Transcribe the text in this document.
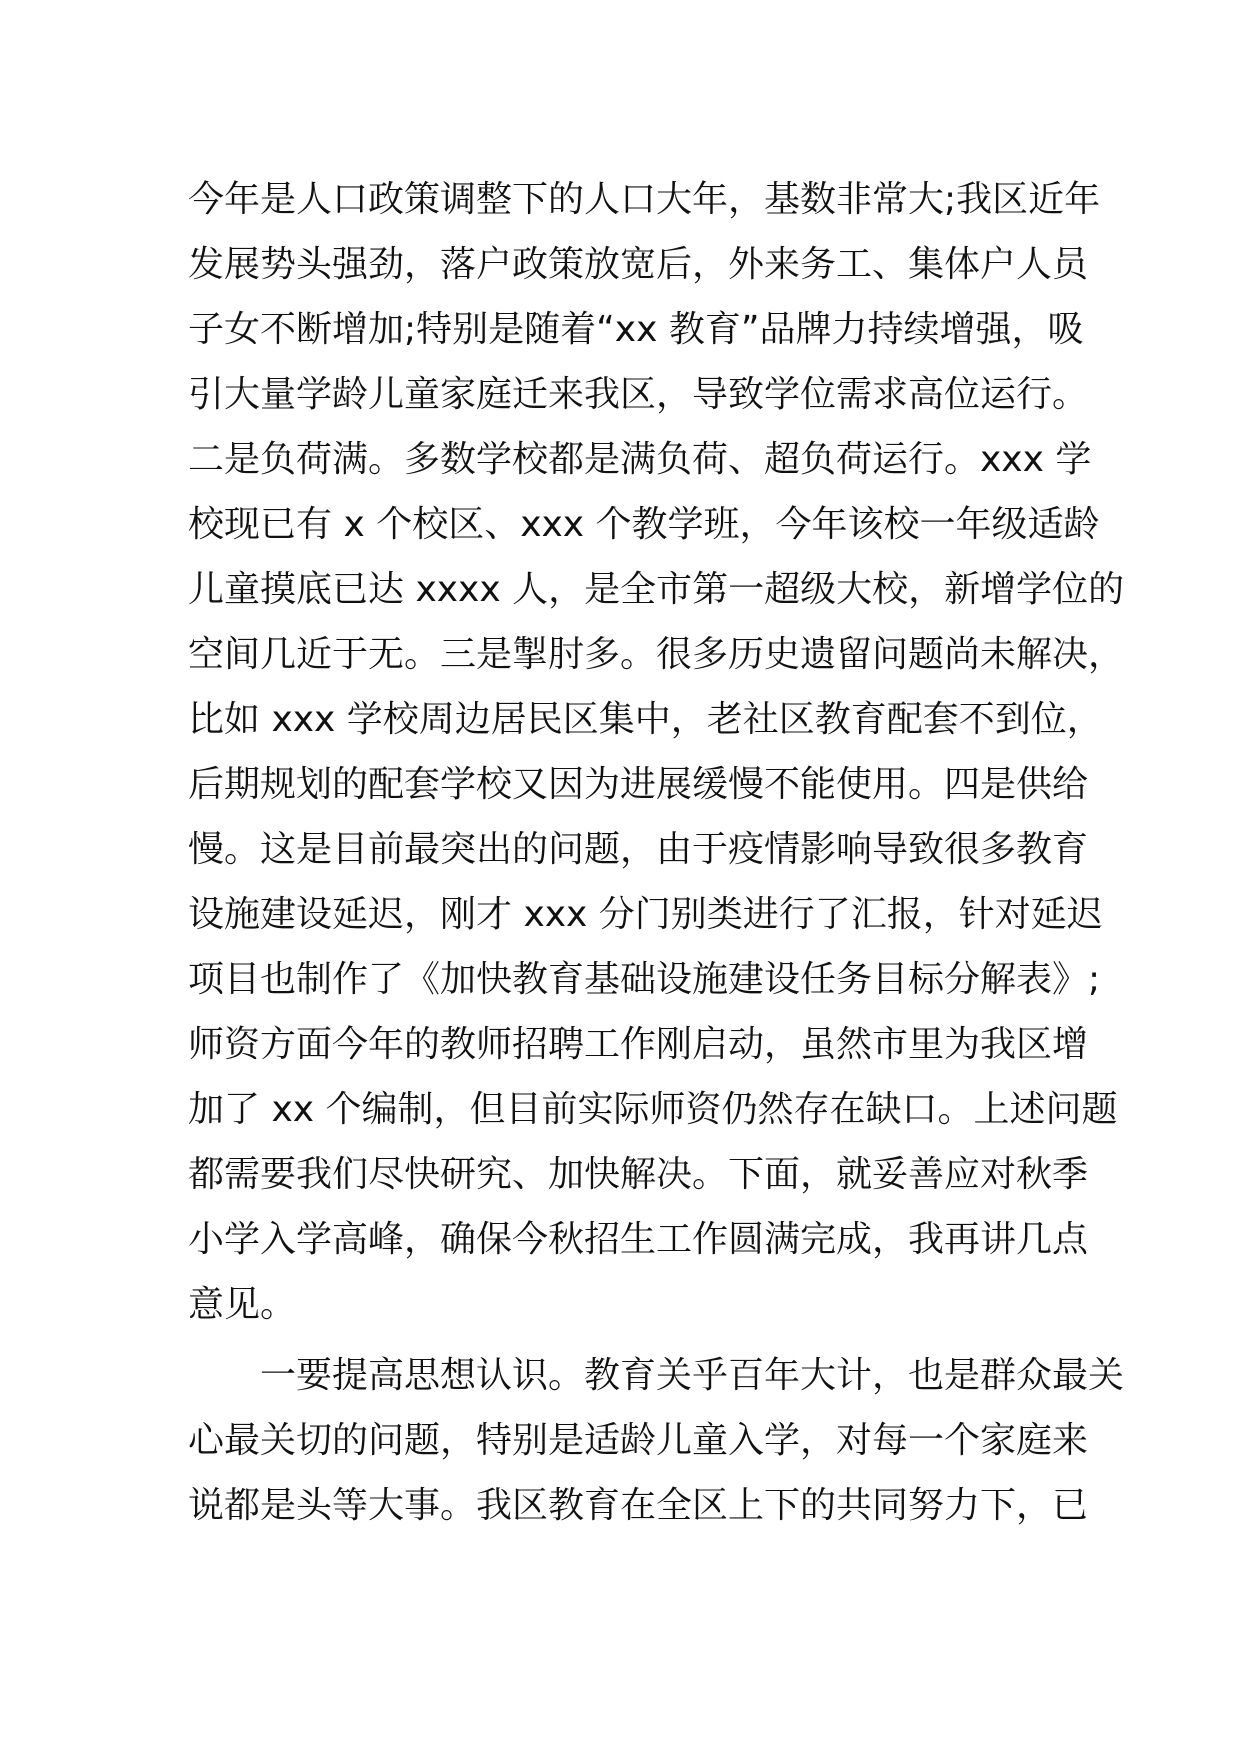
今年是人口政策调整下的人口大年，基数非常大;我区近年
发展势头强劲，落户政策放宽后，外来务工、集体户人员
子女不断增加;特别是随着“xx 教育”品牌力持续增强，吸
引大量学龄儿童家庭迁来我区，导致学位需求高位运行。
二是负荷满。多数学校都是满负荷、超负荷运行。xxx 学
校现已有 x 个校区、xxx 个教学班，今年该校一年级适龄
儿童摸底已达 xxxx 人，是全市第一超级大校，新增学位的
空间几近于无。三是掣肘多。很多历史遗留问题尚未解决，
比如 xxx 学校周边居民区集中，老社区教育配套不到位，
后期规划的配套学校又因为进展缓慢不能使用。四是供给
慢。这是目前最突出的问题，由于疫情影响导致很多教育
设施建设延迟，刚才 xxx 分门别类进行了汇报，针对延迟
项目也制作了《加快教育基础设施建设任务目标分解表》;
师资方面今年的教师招聘工作刚启动，虽然市里为我区增
加了 xx 个编制，但目前实际师资仍然存在缺口。上述问题
都需要我们尽快研究、加快解决。下面，就妥善应对秋季
小学入学高峰，确保今秋招生工作圆满完成，我再讲几点
意见。
　　一要提高思想认识。教育关乎百年大计，也是群众最关
心最关切的问题，特别是适龄儿童入学，对每一个家庭来
说都是头等大事。我区教育在全区上下的共同努力下，已
